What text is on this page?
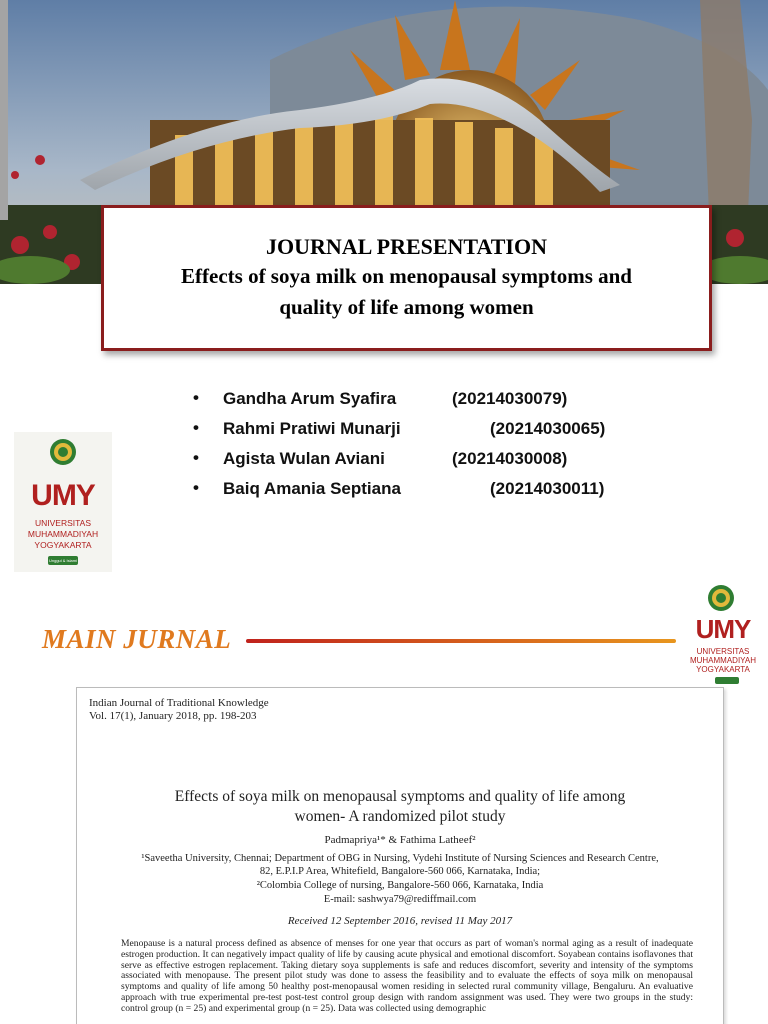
JOURNAL PRESENTATION
Effects of soya milk on menopausal symptoms and
quality of life among women
• Gandha Arum Syafira	(20214030079)
• Rahmi Pratiwi Munarji	(20214030065)
• Agista Wulan Aviani	(20214030008)
• Baiq Amania Septiana	(20214030011)
UMY
UNIVERSITAS
MUHAMMADIYAH
YOGYAKARTA
Unggul & Islami
MAIN JURNAL	UMY
UNIVERSITAS
MUHAMMADIYAH
YOGYAKARTA
Indian Journal of Traditional Knowledge
Vol. 17(1), January 2018, pp. 198-203
Effects of soya milk on menopausal symptoms and quality of life among
women- A randomized pilot study
Padmapriya¹* & Fathima Latheef²
¹Saveetha University, Chennai; Department of OBG in Nursing, Vydehi Institute of Nursing Sciences and Research Centre,
82, E.P.I.P Area, Whitefield, Bangalore-560 066, Karnataka, India;
²Colombia College of nursing, Bangalore-560 066, Karnataka, India
E-mail: sashwya79@rediffmail.com
Received 12 September 2016, revised 11 May 2017
Menopause is a natural process defined as absence of menses for one year that occurs as part of woman's normal aging as a result of inadequate estrogen production. It can negatively impact quality of life by causing acute physical and emotional discomfort. Soyabean contains isoflavones that serve as effective estrogen replacement. Taking dietary soya supplements is safe and reduces discomfort, severity and intensity of the symptoms associated with menopause. The present pilot study was done to assess the feasibility and to evaluate the effects of soya milk on menopausal symptoms and quality of life among 50 healthy post-menopausal women residing in selected rural community village, Bengaluru. An evaluative approach with true experimental pre-test post-test control group design with random assignment was used. They were two groups in the study: control group (n = 25) and experimental group (n = 25). Data was collected using demographic
